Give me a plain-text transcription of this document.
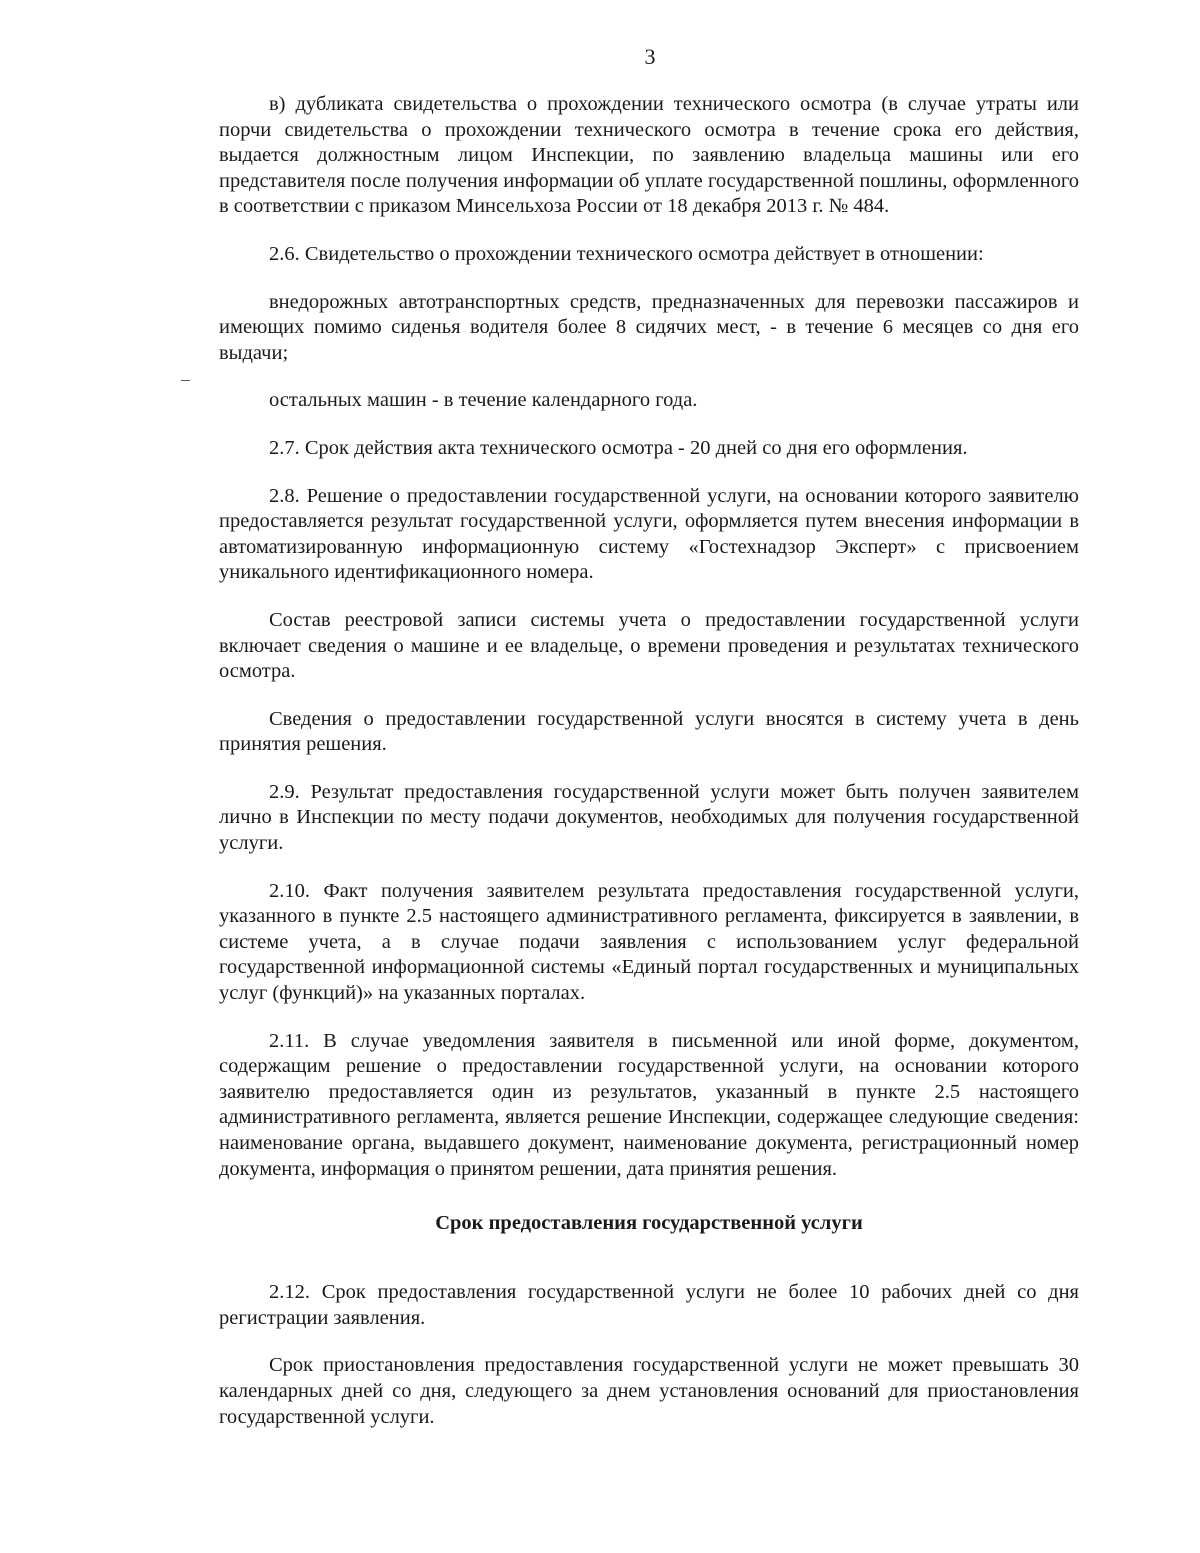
3

в) дубликата свидетельства о прохождении технического осмотра (в случае утраты или порчи свидетельства о прохождении технического осмотра в течение срока его действия, выдается должностным лицом Инспекции, по заявлению владельца машины или его представителя после получения информации об уплате государственной пошлины, оформленного в соответствии с приказом Минсельхоза России от 18 декабря 2013 г. № 484.

2.6. Свидетельство о прохождении технического осмотра действует в отношении:

внедорожных автотранспортных средств, предназначенных для перевозки пассажиров и имеющих помимо сиденья водителя более 8 сидячих мест, - в течение 6 месяцев со дня его выдачи;

остальных машин - в течение календарного года.

2.7. Срок действия акта технического осмотра - 20 дней со дня его оформления.

2.8. Решение о предоставлении государственной услуги, на основании которого заявителю предоставляется результат государственной услуги, оформляется путем внесения информации в автоматизированную информационную систему «Гостехнадзор Эксперт» с присвоением уникального идентификационного номера.

Состав реестровой записи системы учета о предоставлении государственной услуги включает сведения о машине и ее владельце, о времени проведения и результатах технического осмотра.

Сведения о предоставлении государственной услуги вносятся в систему учета в день принятия решения.

2.9. Результат предоставления государственной услуги может быть получен заявителем лично в Инспекции по месту подачи документов, необходимых для получения государственной услуги.

2.10. Факт получения заявителем результата предоставления государственной услуги, указанного в пункте 2.5 настоящего административного регламента, фиксируется в заявлении, в системе учета, а в случае подачи заявления с использованием услуг федеральной государственной информационной системы «Единый портал государственных и муниципальных услуг (функций)» на указанных порталах.

2.11. В случае уведомления заявителя в письменной или иной форме, документом, содержащим решение о предоставлении государственной услуги, на основании которого заявителю предоставляется один из результатов, указанный в пункте 2.5 настоящего административного регламента, является решение Инспекции, содержащее следующие сведения: наименование органа, выдавшего документ, наименование документа, регистрационный номер документа, информация о принятом решении, дата принятия решения.

Срок предоставления государственной услуги

2.12. Срок предоставления государственной услуги не более 10 рабочих дней со дня регистрации заявления.

Срок приостановления предоставления государственной услуги не может превышать 30 календарных дней со дня, следующего за днем установления оснований для приостановления государственной услуги.
